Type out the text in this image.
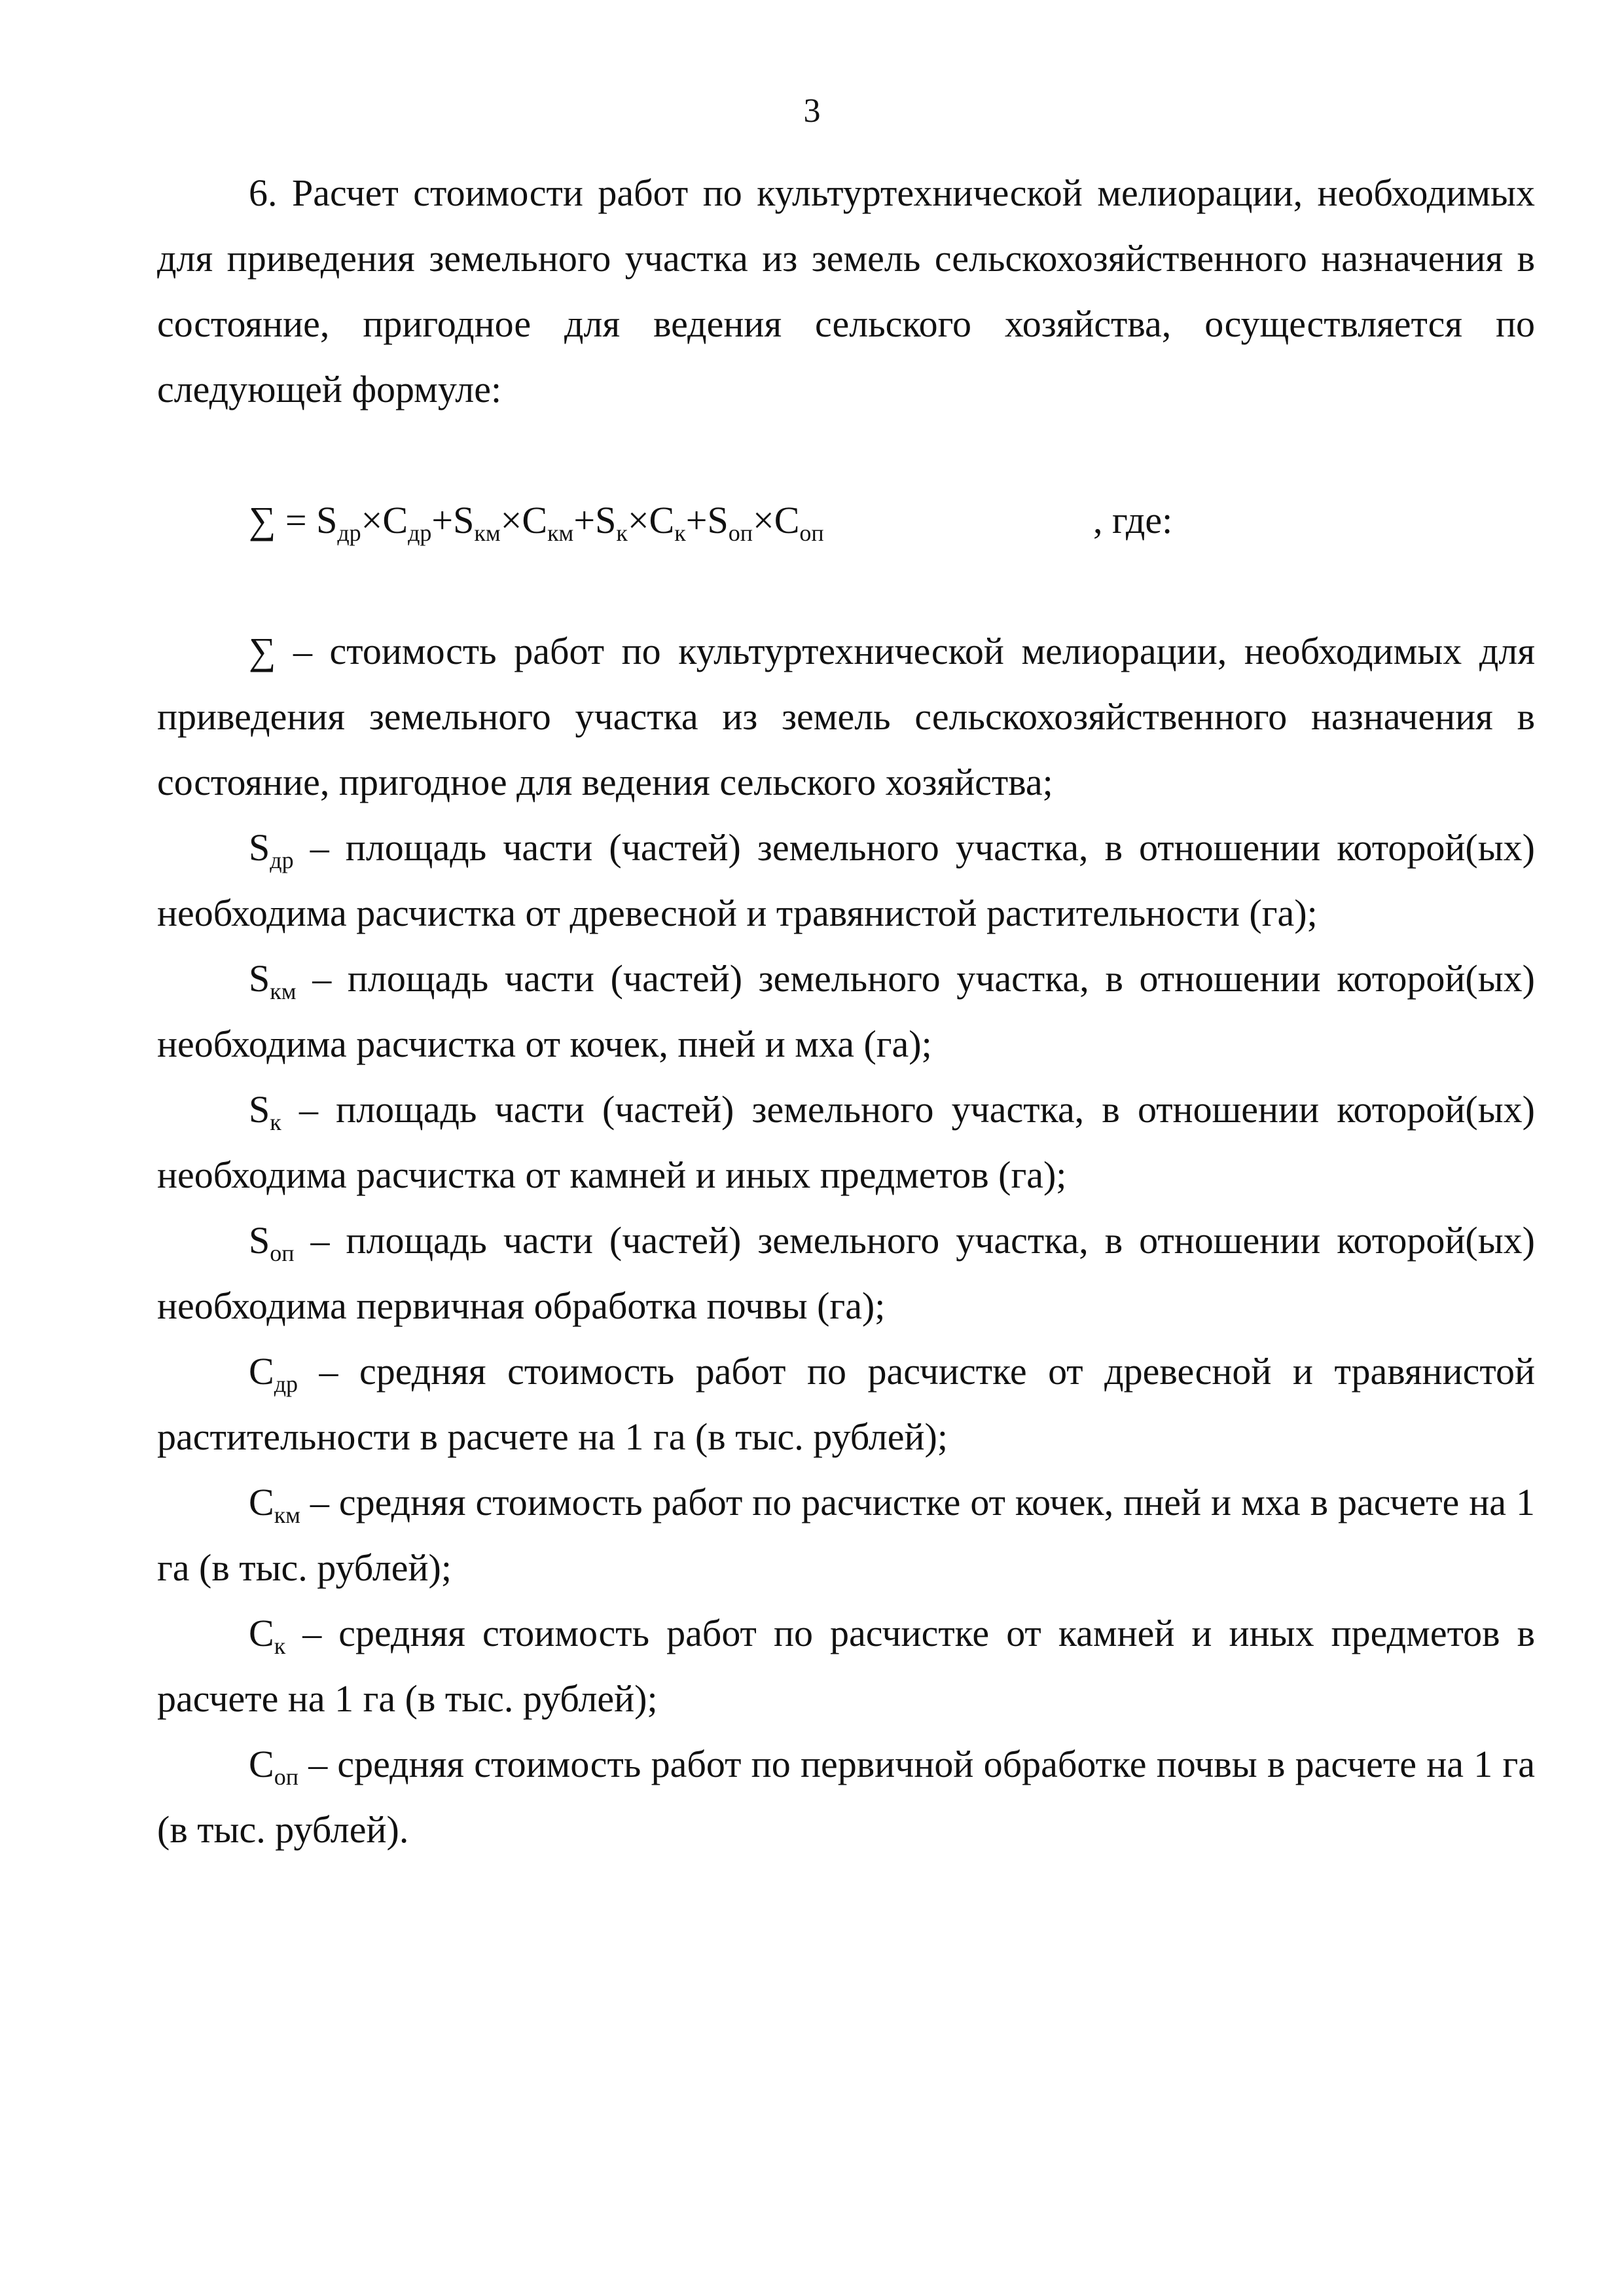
3

6. Расчет стоимости работ по культуртехнической мелиорации, необходимых для приведения земельного участка из земель сельскохозяйственного назначения в состояние, пригодное для ведения сельского хозяйства, осуществляется по следующей формуле:

∑ = $S_{др}\times C_{др}+S_{км}\times C_{км}+S_к\times C_к+S_{оп}\times C_{оп}$	, где:

∑ – стоимость работ по культуртехнической мелиорации, необходимых для приведения земельного участка из земель сельскохозяйственного назначения в состояние, пригодное для ведения сельского хозяйства;

$S_{др}$ – площадь части (частей) земельного участка, в отношении которой(ых) необходима расчистка от древесной и травянистой растительности (га);

$S_{км}$ – площадь части (частей) земельного участка, в отношении которой(ых) необходима расчистка от кочек, пней и мха (га);

$S_к$ – площадь части (частей) земельного участка, в отношении которой(ых) необходима расчистка от камней и иных предметов (га);

$S_{оп}$ – площадь части (частей) земельного участка, в отношении которой(ых) необходима первичная обработка почвы (га);

$C_{др}$ – средняя стоимость работ по расчистке от древесной и травянистой растительности в расчете на 1 га (в тыс. рублей);

$C_{км}$ – средняя стоимость работ по расчистке от кочек, пней и мха в расчете на 1 га (в тыс. рублей);

$C_к$ – средняя стоимость работ по расчистке от камней и иных предметов в расчете на 1 га (в тыс. рублей);

$C_{оп}$ – средняя стоимость работ по первичной обработке почвы в расчете на 1 га (в тыс. рублей).
